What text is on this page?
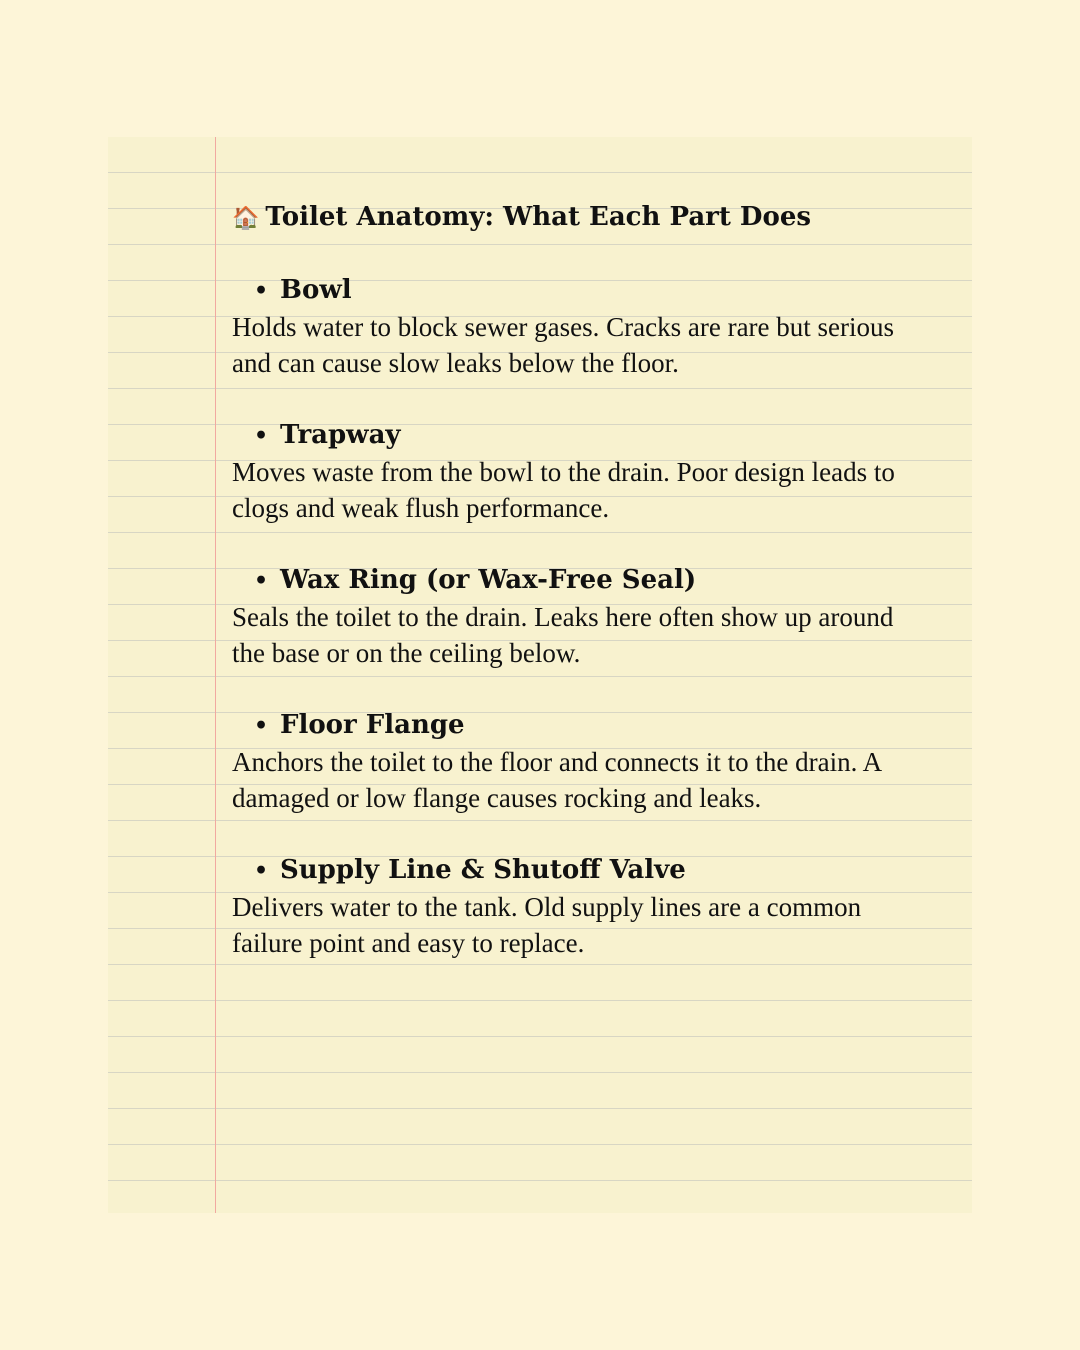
🏠 Toilet Anatomy: What Each Part Does
• Bowl
Holds water to block sewer gases. Cracks are rare but serious and can cause slow leaks below the floor.
• Trapway
Moves waste from the bowl to the drain. Poor design leads to clogs and weak flush performance.
• Wax Ring (or Wax-Free Seal)
Seals the toilet to the drain. Leaks here often show up around the base or on the ceiling below.
• Floor Flange
Anchors the toilet to the floor and connects it to the drain. A damaged or low flange causes rocking and leaks.
• Supply Line & Shutoff Valve
Delivers water to the tank. Old supply lines are a common failure point and easy to replace.
